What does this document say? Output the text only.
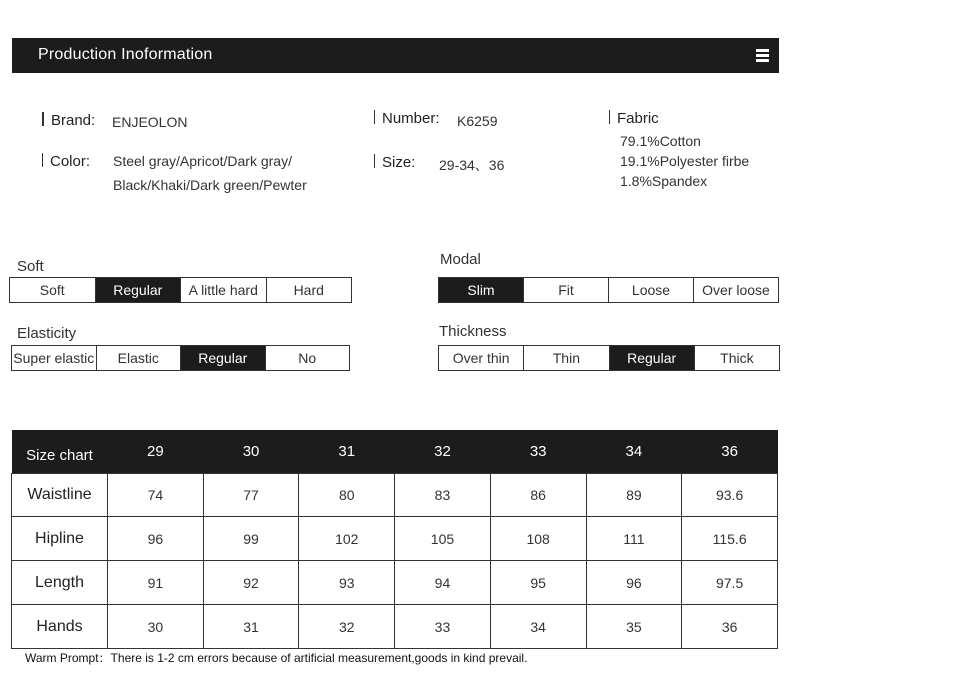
Production Inoformation
Brand: ENJEOLON	Number: K6259	Fabric
79.1%Cotton
19.1%Polyester firbe
1.8%Spandex
Color: Steel gray/Apricot/Dark gray/
Black/Khaki/Dark green/Pewter
Size: 29-34、36
Soft
Soft	Regular	A little hard	Hard
Modal
Slim	Fit	Loose	Over loose
Elasticity
Super elastic	Elastic	Regular	No
Thickness
Over thin	Thin	Regular	Thick
Size chart	29	30	31	32	33	34	36
Waistline	74	77	80	83	86	89	93.6
Hipline	96	99	102	105	108	111	115.6
Length	91	92	93	94	95	96	97.5
Hands	30	31	32	33	34	35	36
Warm Prompt：There is 1-2 cm errors because of artificial measurement,goods in kind prevail.
